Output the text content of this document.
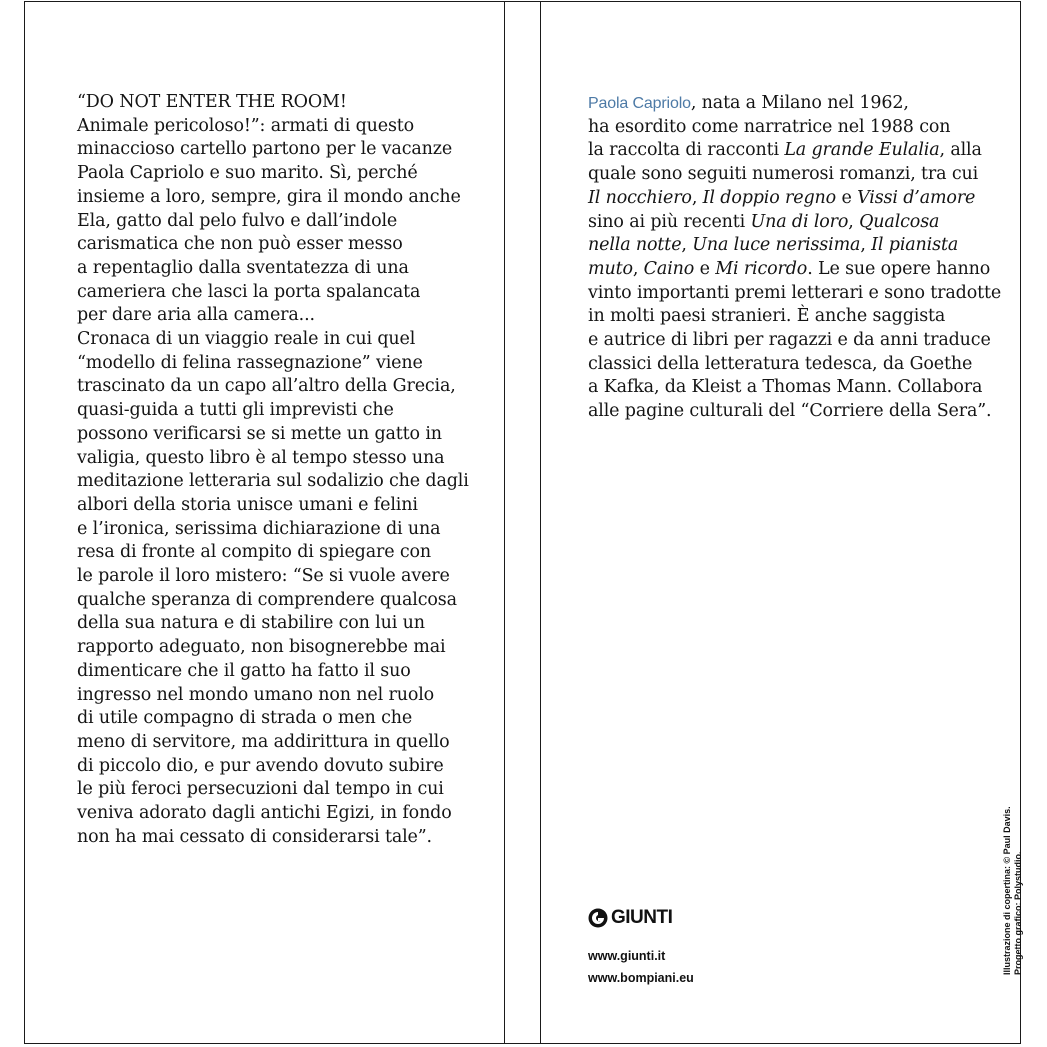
“DO NOT ENTER THE ROOM!
Animale pericoloso!”: armati di questo
minaccioso cartello partono per le vacanze
Paola Capriolo e suo marito. Sì, perché
insieme a loro, sempre, gira il mondo anche
Ela, gatto dal pelo fulvo e dall’indole
carismatica che non può esser messo
a repentaglio dalla sventatezza di una
cameriera che lasci la porta spalancata
per dare aria alla camera...
Cronaca di un viaggio reale in cui quel
“modello di felina rassegnazione” viene
trascinato da un capo all’altro della Grecia,
quasi-guida a tutti gli imprevisti che
possono verificarsi se si mette un gatto in
valigia, questo libro è al tempo stesso una
meditazione letteraria sul sodalizio che dagli
albori della storia unisce umani e felini
e l’ironica, serissima dichiarazione di una
resa di fronte al compito di spiegare con
le parole il loro mistero: “Se si vuole avere
qualche speranza di comprendere qualcosa
della sua natura e di stabilire con lui un
rapporto adeguato, non bisognerebbe mai
dimenticare che il gatto ha fatto il suo
ingresso nel mondo umano non nel ruolo
di utile compagno di strada o men che
meno di servitore, ma addirittura in quello
di piccolo dio, e pur avendo dovuto subire
le più feroci persecuzioni dal tempo in cui
veniva adorato dagli antichi Egizi, in fondo
non ha mai cessato di considerarsi tale”.
Paola Capriolo, nata a Milano nel 1962,
ha esordito come narratrice nel 1988 con
la raccolta di racconti La grande Eulalia, alla
quale sono seguiti numerosi romanzi, tra cui
Il nocchiero, Il doppio regno e Vissi d’amore
sino ai più recenti Una di loro, Qualcosa
nella notte, Una luce nerissima, Il pianista
muto, Caino e Mi ricordo. Le sue opere hanno
vinto importanti premi letterari e sono tradotte
in molti paesi stranieri. È anche saggista
e autrice di libri per ragazzi e da anni traduce
classici della letteratura tedesca, da Goethe
a Kafka, da Kleist a Thomas Mann. Collabora
alle pagine culturali del “Corriere della Sera”.
GIUNTI
www.giunti.it
www.bompiani.eu
Illustrazione di copertina: © Paul Davis. Progetto grafico: Polystudio.
